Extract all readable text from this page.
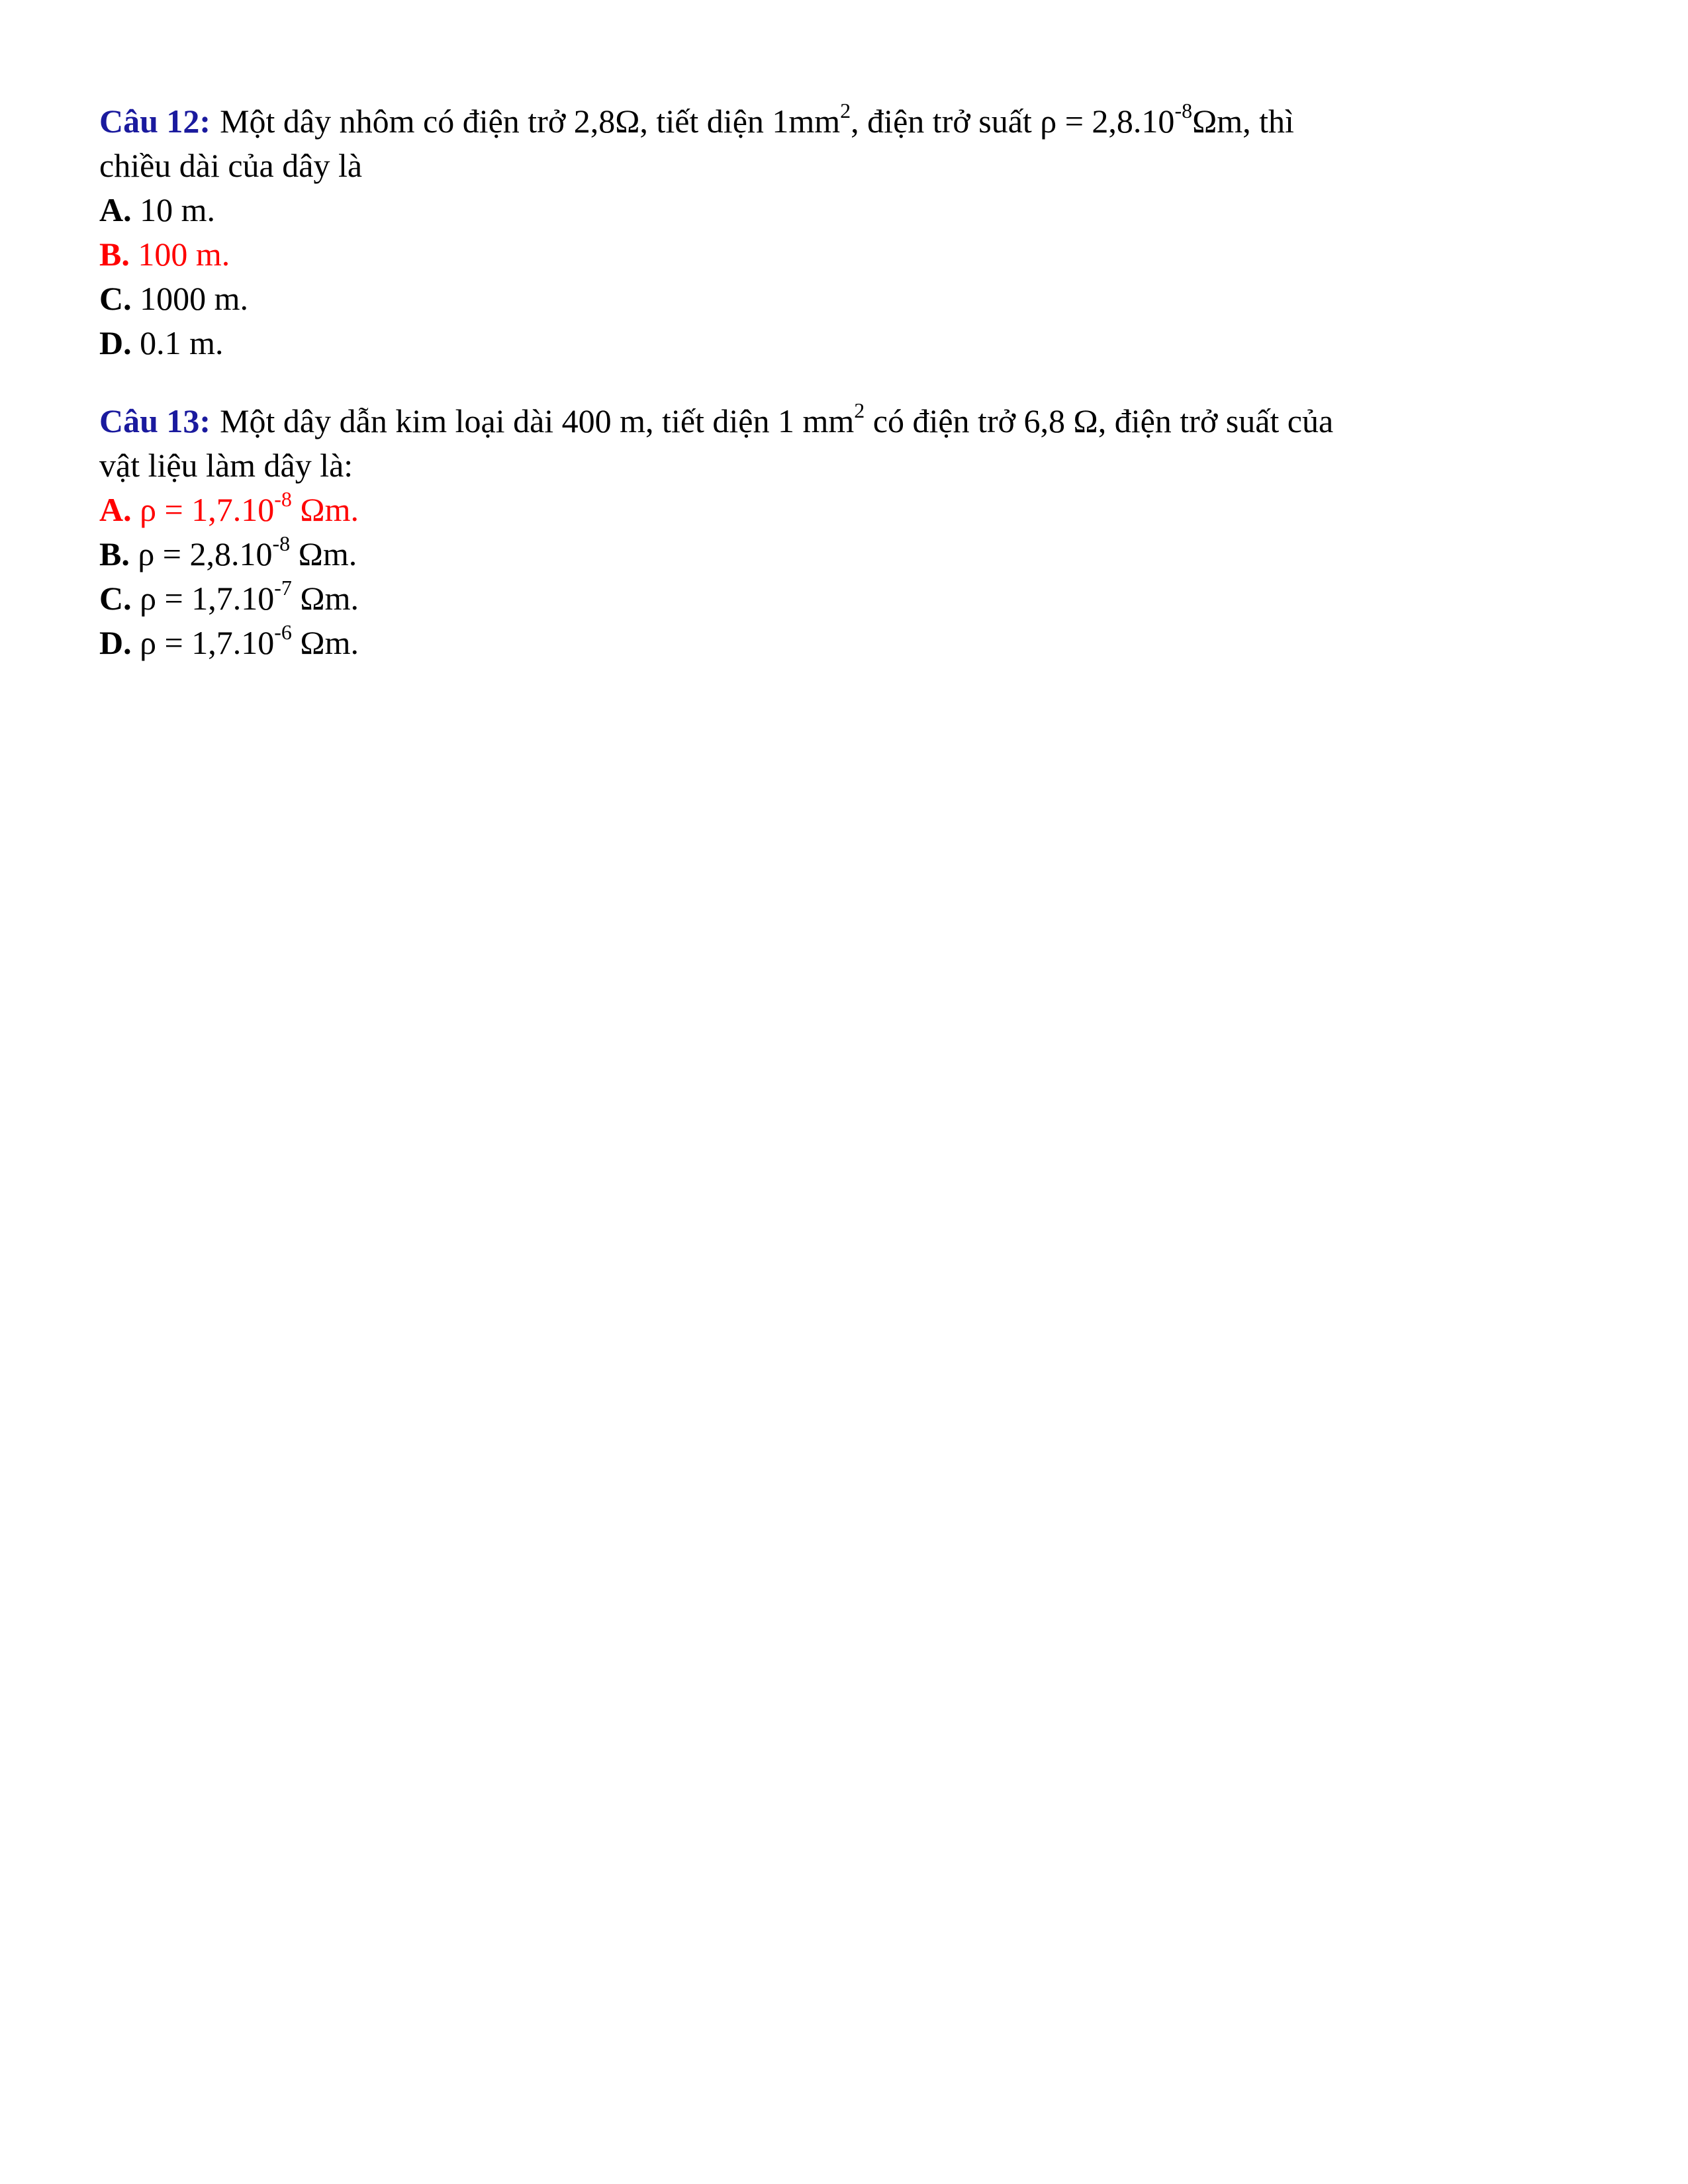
Câu 12: Một dây nhôm có điện trở 2,8Ω, tiết diện $1mm^2$, điện trở suất $\rho = 2,8.10^{-8}\Omega m$, thì
chiều dài của dây là
A. 10 m.
B. 100 m.
C. 1000 m.
D. 0.1 m.
Câu 13: Một dây dẫn kim loại dài 400 m, tiết diện 1 $mm^2$ có điện trở 6,8 Ω, điện trở suất của
vật liệu làm dây là:
A. $\rho = 1,7.10^{-8}$ Ωm.
B. $\rho = 2,8.10^{-8}$ Ωm.
C. $\rho = 1,7.10^{-7}$ Ωm.
D. $\rho = 1,7.10^{-6}$ Ωm.
